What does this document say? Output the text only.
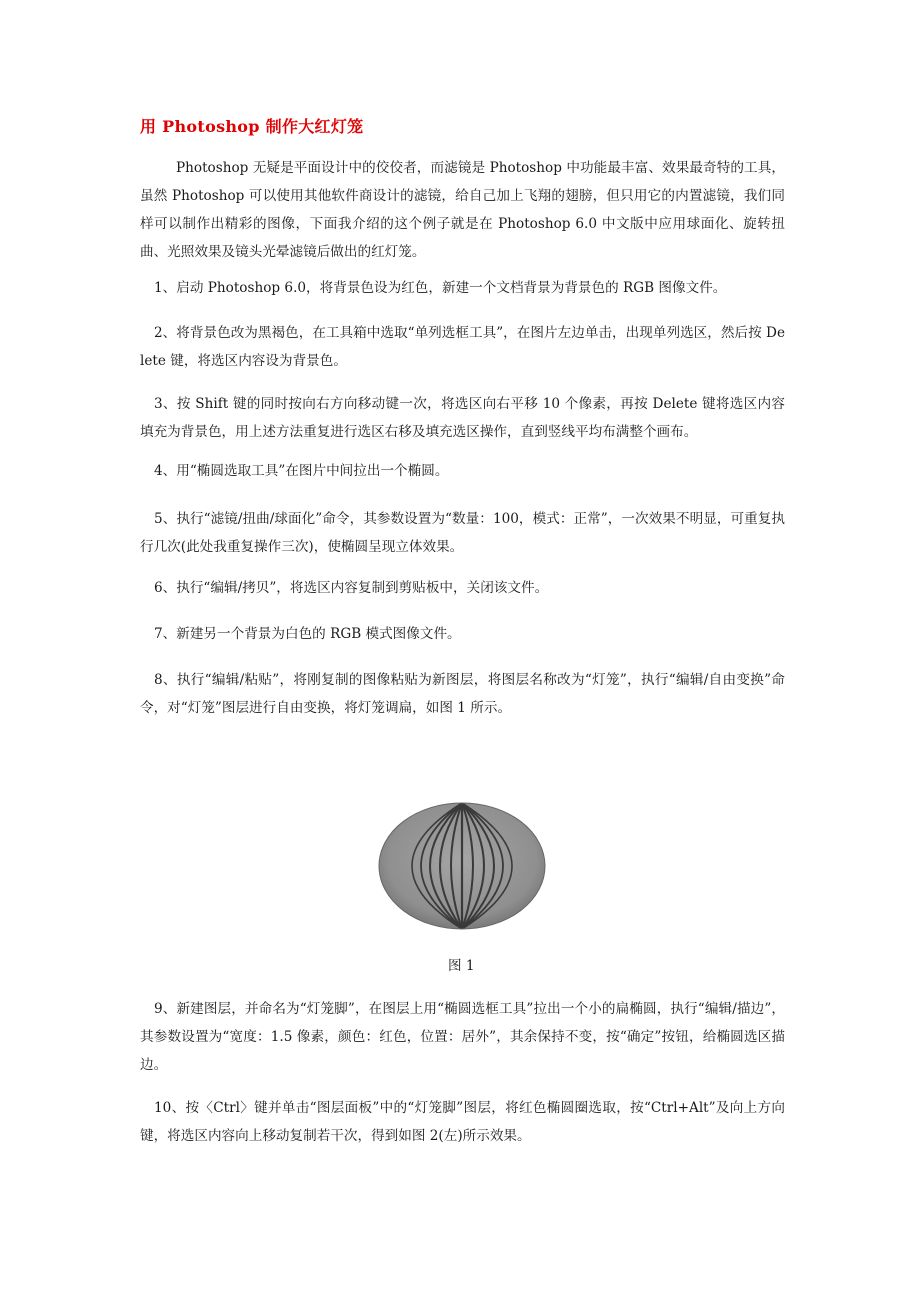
用 Photoshop 制作大红灯笼
Photoshop 无疑是平面设计中的佼佼者，而滤镜是 Photoshop 中功能最丰富、效果最奇特的工具，虽然 Photoshop 可以使用其他软件商设计的滤镜，给自己加上飞翔的翅膀，但只用它的内置滤镜，我们同样可以制作出精彩的图像，下面我介绍的这个例子就是在 Photoshop 6.0 中文版中应用球面化、旋转扭曲、光照效果及镜头光晕滤镜后做出的红灯笼。
1、启动 Photoshop 6.0，将背景色设为红色，新建一个文档背景为背景色的 RGB 图像文件。
2、将背景色改为黑褐色，在工具箱中选取“单列选框工具”，在图片左边单击，出现单列选区，然后按 Delete 键，将选区内容设为背景色。
3、按 Shift 键的同时按向右方向移动键一次，将选区向右平移 10 个像素，再按 Delete 键将选区内容填充为背景色，用上述方法重复进行选区右移及填充选区操作，直到竖线平均布满整个画布。
4、用“椭圆选取工具”在图片中间拉出一个椭圆。
5、执行“滤镜/扭曲/球面化”命令，其参数设置为“数量：100，模式：正常”，一次效果不明显，可重复执行几次(此处我重复操作三次)，使椭圆呈现立体效果。
6、执行“编辑/拷贝”，将选区内容复制到剪贴板中，关闭该文件。
7、新建另一个背景为白色的 RGB 模式图像文件。
8、执行“编辑/粘贴”，将刚复制的图像粘贴为新图层，将图层名称改为“灯笼”，执行“编辑/自由变换”命令，对“灯笼”图层进行自由变换，将灯笼调扁，如图 1 所示。
图 1
9、新建图层，并命名为“灯笼脚”，在图层上用“椭圆选框工具”拉出一个小的扁椭圆，执行“编辑/描边”，其参数设置为“宽度：1.5 像素，颜色：红色，位置：居外”，其余保持不变，按“确定”按钮，给椭圆选区描边。
10、按〈Ctrl〉键并单击“图层面板”中的“灯笼脚”图层，将红色椭圆圈选取，按“Ctrl+Alt”及向上方向键，将选区内容向上移动复制若干次，得到如图 2(左)所示效果。
